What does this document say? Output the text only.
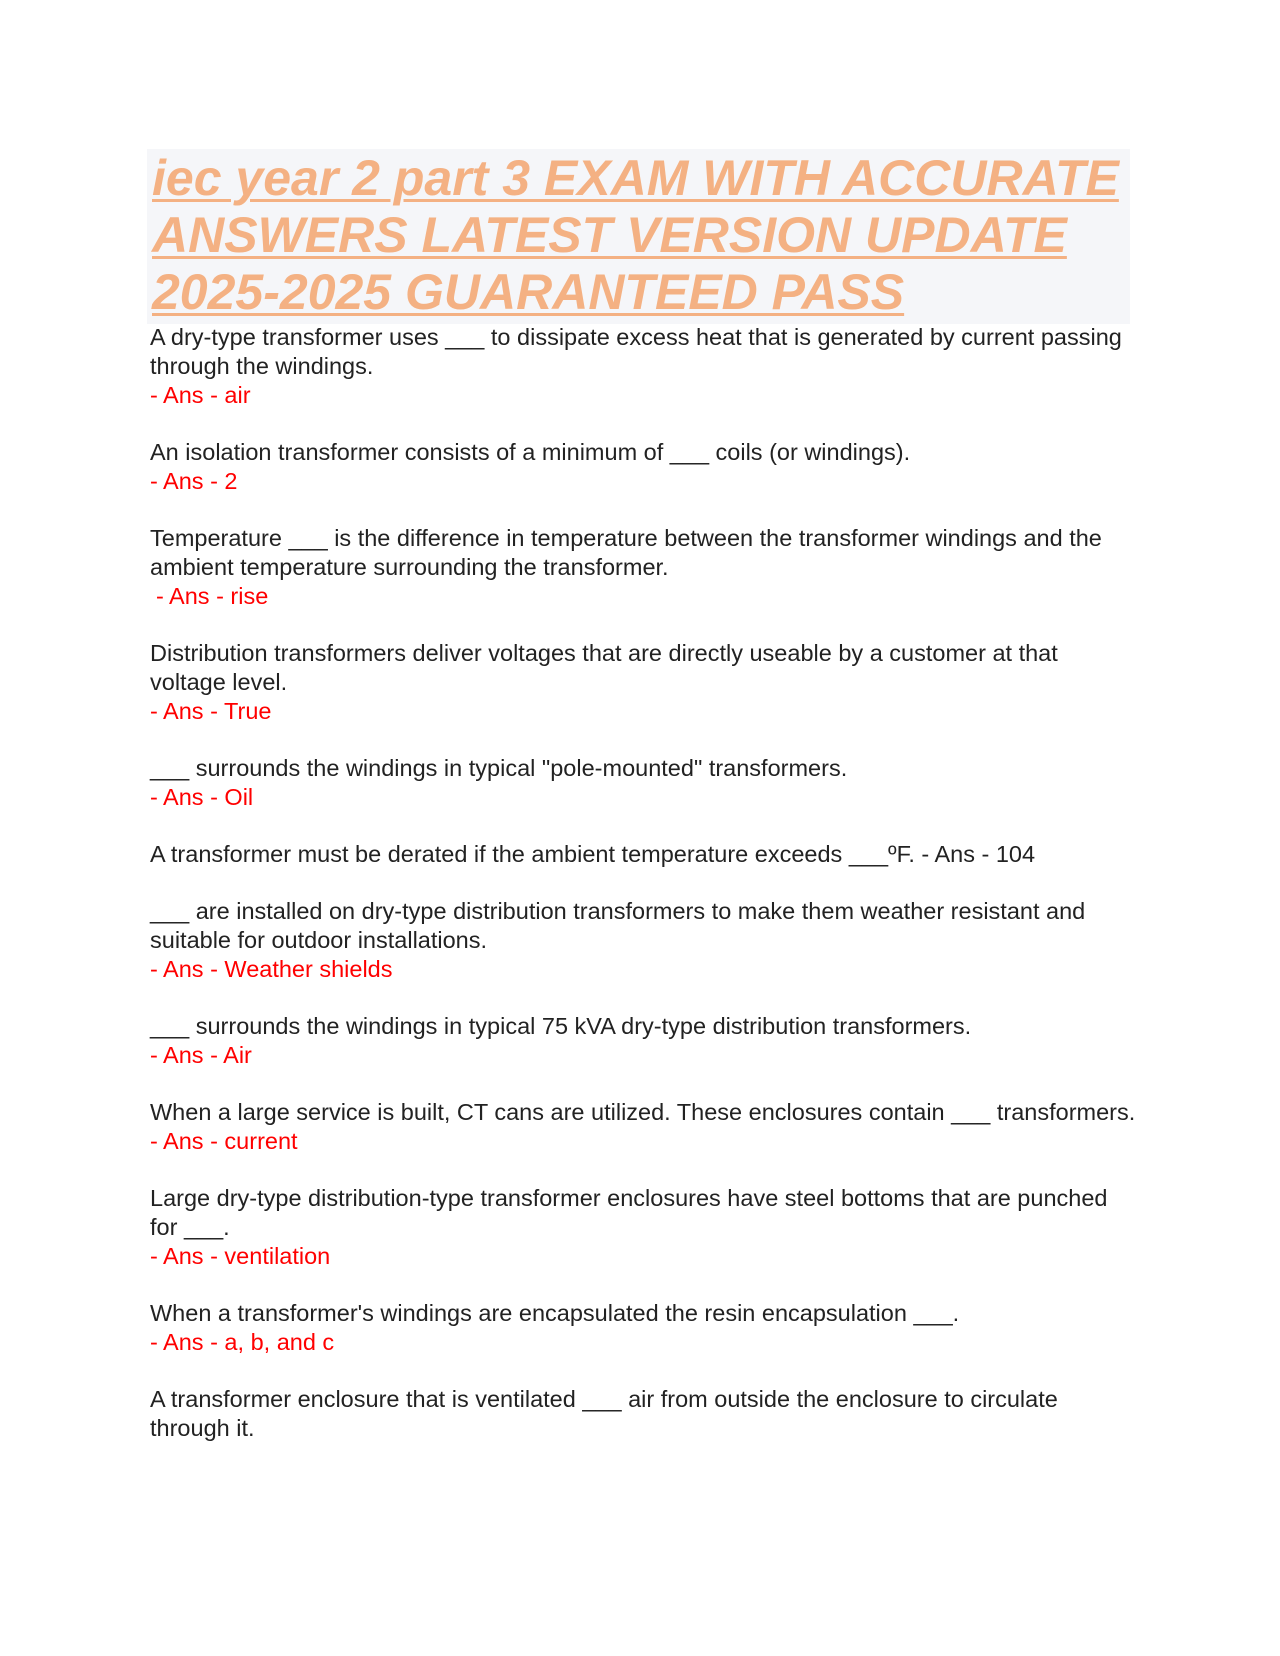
iec year 2 part 3 EXAM WITH ACCURATE ANSWERS LATEST VERSION UPDATE 2025-2025 GUARANTEED PASS
A dry-type transformer uses ___ to dissipate excess heat that is generated by current passing through the windings.
- Ans - air
An isolation transformer consists of a minimum of ___ coils (or windings).
- Ans - 2
Temperature ___ is the difference in temperature between the transformer windings and the ambient temperature surrounding the transformer.
- Ans - rise
Distribution transformers deliver voltages that are directly useable by a customer at that voltage level.
- Ans - True
___ surrounds the windings in typical "pole-mounted" transformers.
- Ans - Oil
A transformer must be derated if the ambient temperature exceeds ___ºF. - Ans - 104
___ are installed on dry-type distribution transformers to make them weather resistant and suitable for outdoor installations.
- Ans - Weather shields
___ surrounds the windings in typical 75 kVA dry-type distribution transformers.
- Ans - Air
When a large service is built, CT cans are utilized. These enclosures contain ___ transformers.
- Ans - current
Large dry-type distribution-type transformer enclosures have steel bottoms that are punched for ___.
- Ans - ventilation
When a transformer's windings are encapsulated the resin encapsulation ___.
- Ans - a, b, and c
A transformer enclosure that is ventilated ___ air from outside the enclosure to circulate through it.
